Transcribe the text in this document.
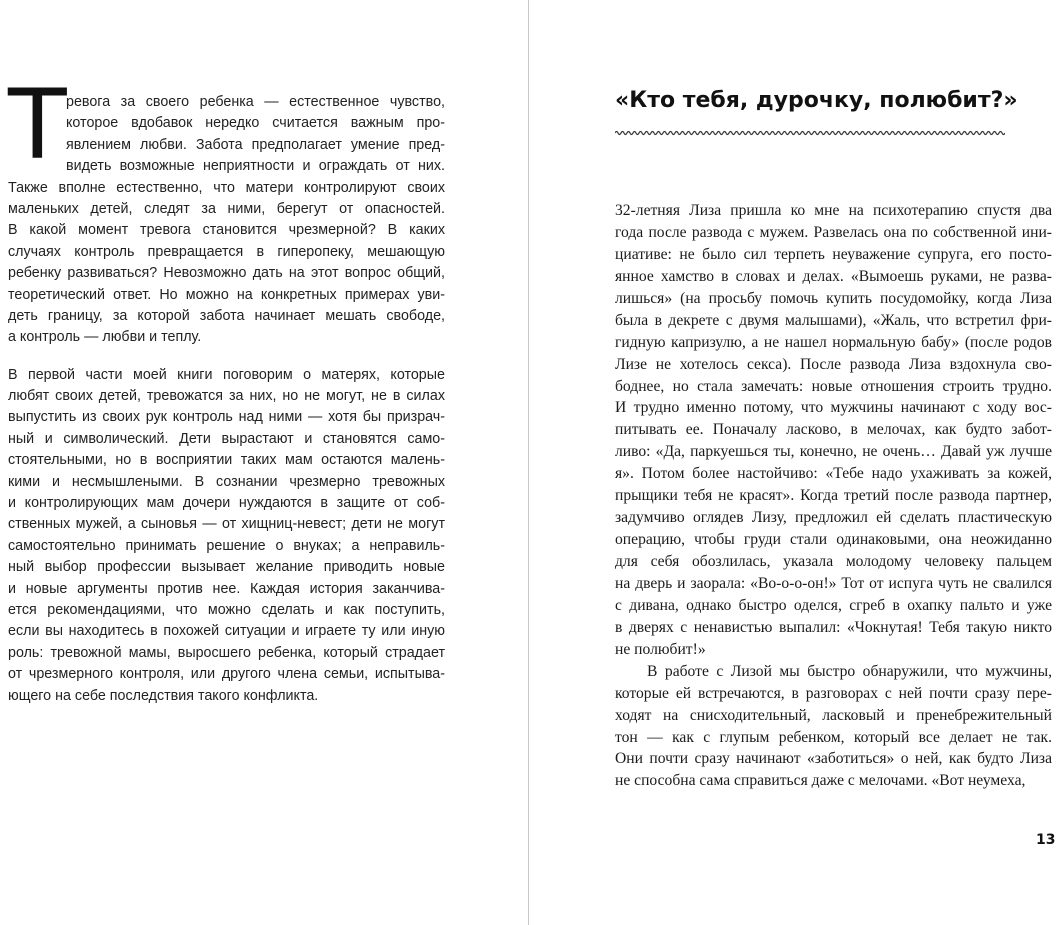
Т ревога за своего ребенка — естественное чувство,
которое вдобавок нередко считается важным про-
явлением любви. Забота предполагает умение пред-
видеть возможные неприятности и ограждать от них.
Также вполне естественно, что матери контролируют своих
маленьких детей, следят за ними, берегут от опасностей.
В какой момент тревога становится чрезмерной? В каких
случаях контроль превращается в гиперопеку, мешающую
ребенку развиваться? Невозможно дать на этот вопрос общий,
теоретический ответ. Но можно на конкретных примерах уви-
деть границу, за которой забота начинает мешать свободе,
а контроль — любви и теплу.
В первой части моей книги поговорим о матерях, которые
любят своих детей, тревожатся за них, но не могут, не в силах
выпустить из своих рук контроль над ними — хотя бы призрач-
ный и символический. Дети вырастают и становятся само-
стоятельными, но в восприятии таких мам остаются малень-
кими и несмышлеными. В сознании чрезмерно тревожных
и контролирующих мам дочери нуждаются в защите от соб-
ственных мужей, а сыновья — от хищниц-невест; дети не могут
самостоятельно принимать решение о внуках; а неправиль-
ный выбор профессии вызывает желание приводить новые
и новые аргументы против нее. Каждая история заканчива-
ется рекомендациями, что можно сделать и как поступить,
если вы находитесь в похожей ситуации и играете ту или иную
роль: тревожной мамы, выросшего ребенка, который страдает
от чрезмерного контроля, или другого члена семьи, испытыва-
ющего на себе последствия такого конфликта.
«Кто тебя, дурочку, полюбит?»
32-летняя Лиза пришла ко мне на психотерапию спустя два
года после развода с мужем. Развелась она по собственной ини-
циативе: не было сил терпеть неуважение супруга, его посто-
янное хамство в словах и делах. «Вымоешь руками, не разва-
лишься» (на просьбу помочь купить посудомойку, когда Лиза
была в декрете с двумя малышами), «Жаль, что встретил фри-
гидную капризулю, а не нашел нормальную бабу» (после родов
Лизе не хотелось секса). После развода Лиза вздохнула сво-
боднее, но стала замечать: новые отношения строить трудно.
И трудно именно потому, что мужчины начинают с ходу вос-
питывать ее. Поначалу ласково, в мелочах, как будто забот-
ливо: «Да, паркуешься ты, конечно, не очень… Давай уж лучше
я». Потом более настойчиво: «Тебе надо ухаживать за кожей,
прыщики тебя не красят». Когда третий после развода партнер,
задумчиво оглядев Лизу, предложил ей сделать пластическую
операцию, чтобы груди стали одинаковыми, она неожиданно
для себя обозлилась, указала молодому человеку пальцем
на дверь и заорала: «Во-о-о-он!» Тот от испуга чуть не свалился
с дивана, однако быстро оделся, сгреб в охапку пальто и уже
в дверях с ненавистью выпалил: «Чокнутая! Тебя такую никто
не полюбит!»
В работе с Лизой мы быстро обнаружили, что мужчины,
которые ей встречаются, в разговорах с ней почти сразу пере-
ходят на снисходительный, ласковый и пренебрежительный
тон — как с глупым ребенком, который все делает не так.
Они почти сразу начинают «заботиться» о ней, как будто Лиза
не способна сама справиться даже с мелочами. «Вот неумеха,
13
